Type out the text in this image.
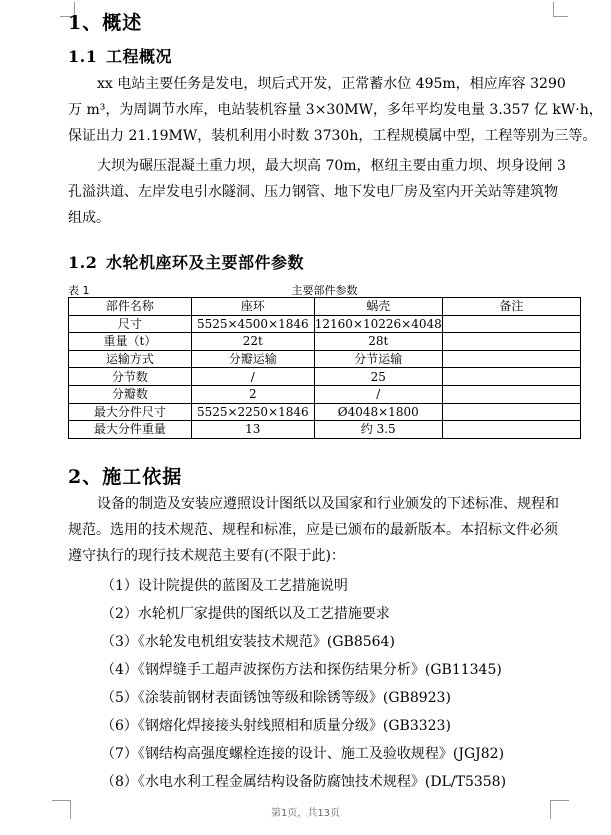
1、概述
1.1 工程概况
xx 电站主要任务是发电，坝后式开发，正常蓄水位 495m，相应库容 3290
万 m³，为周调节水库，电站装机容量 3×30MW，多年平均发电量 3.357 亿 kW·h，
保证出力 21.19MW，装机利用小时数 3730h，工程规模属中型，工程等别为三等。
大坝为碾压混凝土重力坝，最大坝高 70m，枢纽主要由重力坝、坝身设闸 3
孔溢洪道、左岸发电引水隧洞、压力钢管、地下发电厂房及室内开关站等建筑物
组成。
1.2 水轮机座环及主要部件参数
表 1	主要部件参数
部件名称	座环	蜗壳	备注
尺寸	5525×4500×1846	12160×10226×4048	
重量（t）	22t	28t	
运输方式	分瓣运输	分节运输	
分节数	/	25	
分瓣数	2	/	
最大分件尺寸	5525×2250×1846	Ø4048×1800	
最大分件重量	13	约 3.5	
2、施工依据
设备的制造及安装应遵照设计图纸以及国家和行业颁发的下述标准、规程和
规范。选用的技术规范、规程和标准，应是已颁布的最新版本。本招标文件必须
遵守执行的现行技术规范主要有(不限于此)：
（1）设计院提供的蓝图及工艺措施说明
（2）水轮机厂家提供的图纸以及工艺措施要求
（3）《水轮发电机组安装技术规范》(GB8564)
（4）《钢焊缝手工超声波探伤方法和探伤结果分析》(GB11345)
（5）《涂装前钢材表面锈蚀等级和除锈等级》(GB8923)
（6）《钢熔化焊接接头射线照相和质量分级》(GB3323)
（7）《钢结构高强度螺栓连接的设计、施工及验收规程》(JGJ82)
（8）《水电水利工程金属结构设备防腐蚀技术规程》(DL/T5358)
第1页，共13页
